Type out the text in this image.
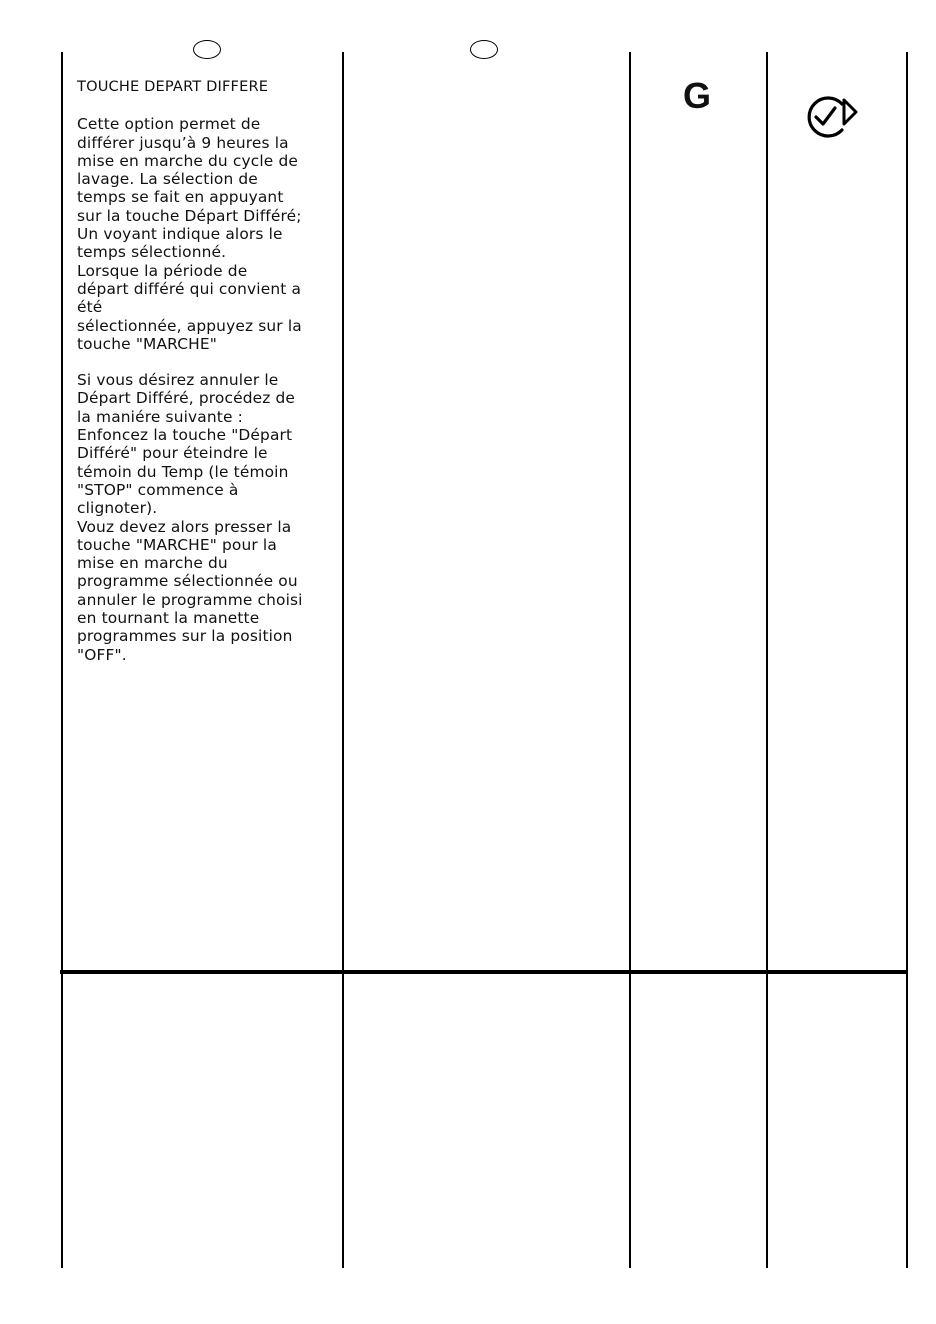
TOUCHE DEPART DIFFERE
Cette option permet de
différer jusqu’à 9 heures la
mise en marche du cycle de
lavage. La sélection de
temps se fait en appuyant
sur la touche Départ Différé;
Un voyant indique alors le
temps sélectionné.
Lorsque la période de
départ différé qui convient a
été
sélectionnée, appuyez sur la
touche "MARCHE"
Si vous désirez annuler le
Départ Différé, procédez de
la maniére suivante :
Enfoncez la touche "Départ
Différé" pour éteindre le
témoin du Temp (le témoin
"STOP" commence à
clignoter).
Vouz devez alors presser la
touche "MARCHE" pour la
mise en marche du
programme sélectionnée ou
annuler le programme choisi
en tournant la manette
programmes sur la position
"OFF".
G
